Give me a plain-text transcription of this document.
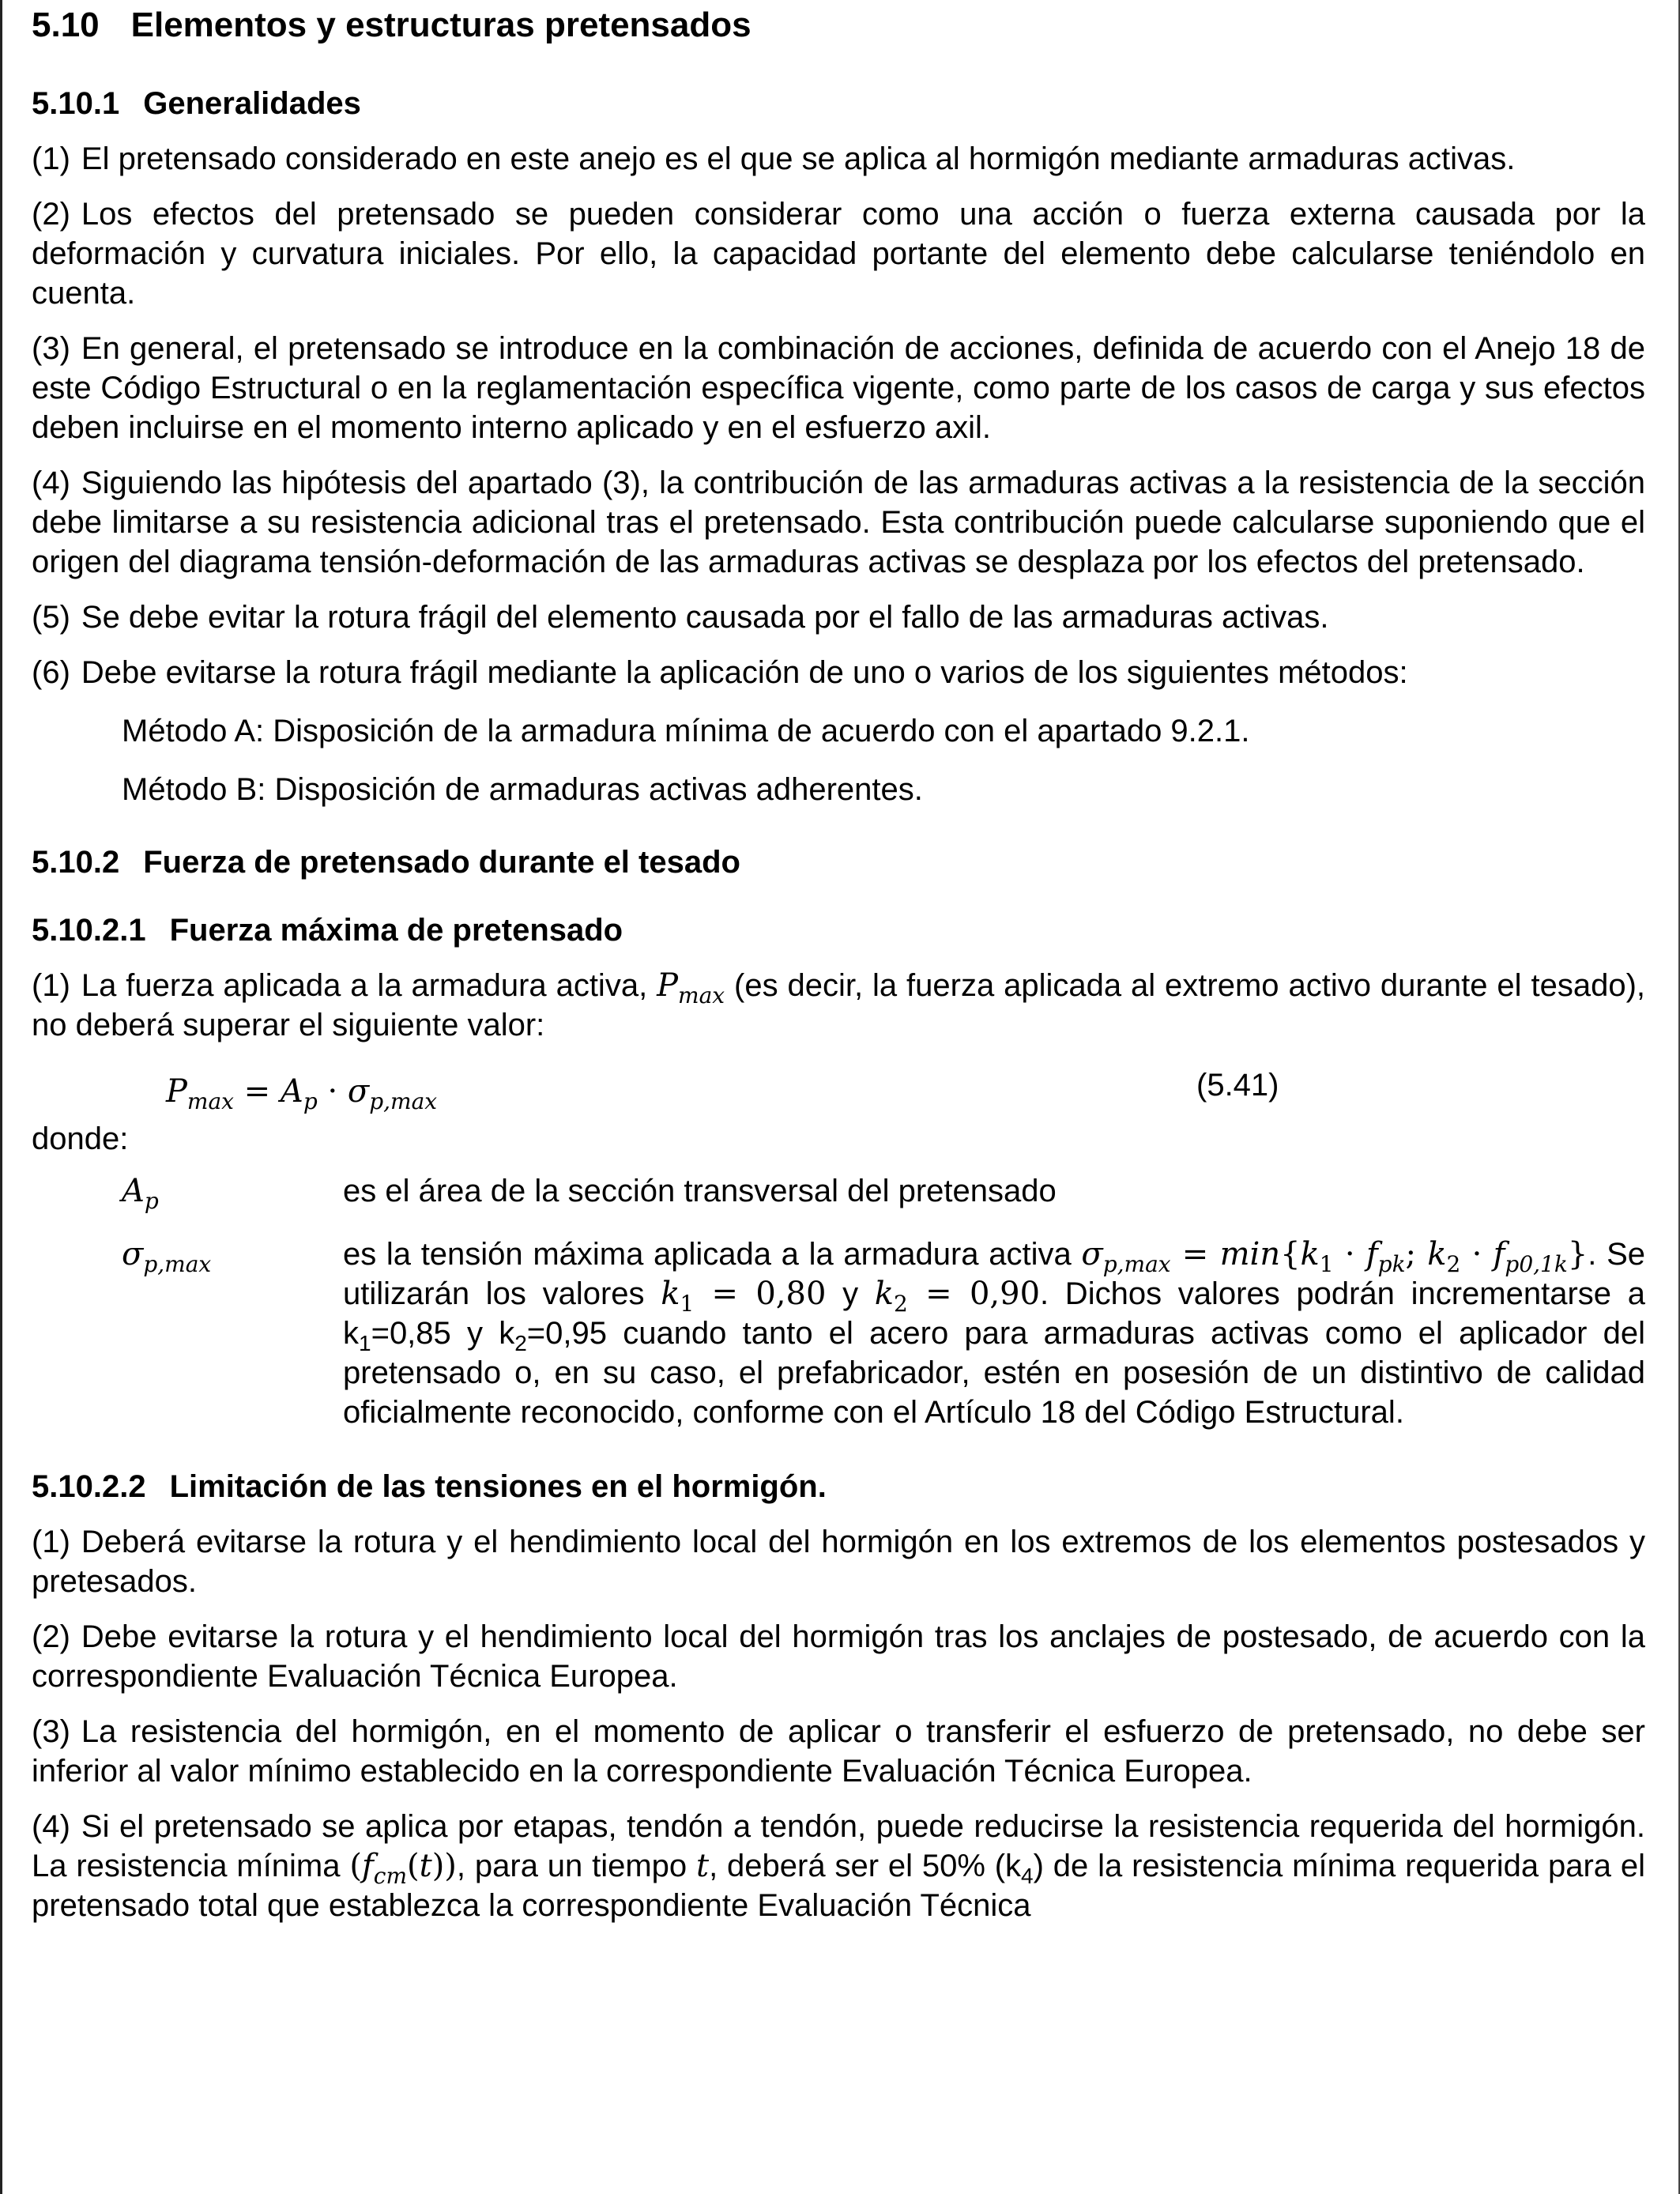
5.10 Elementos y estructuras pretensados
5.10.1 Generalidades

(1) El pretensado considerado en este anejo es el que se aplica al hormigón mediante armaduras activas.

(2) Los efectos del pretensado se pueden considerar como una acción o fuerza externa causada por la deformación y curvatura iniciales. Por ello, la capacidad portante del elemento debe calcularse teniéndolo en cuenta.

(3) En general, el pretensado se introduce en la combinación de acciones, definida de acuerdo con el Anejo 18 de este Código Estructural o en la reglamentación específica vigente, como parte de los casos de carga y sus efectos deben incluirse en el momento interno aplicado y en el esfuerzo axil.

(4) Siguiendo las hipótesis del apartado (3), la contribución de las armaduras activas a la resistencia de la sección debe limitarse a su resistencia adicional tras el pretensado. Esta contribución puede calcularse suponiendo que el origen del diagrama tensión-deformación de las armaduras activas se desplaza por los efectos del pretensado.

(5) Se debe evitar la rotura frágil del elemento causada por el fallo de las armaduras activas.

(6) Debe evitarse la rotura frágil mediante la aplicación de uno o varios de los siguientes métodos:

Método A: Disposición de la armadura mínima de acuerdo con el apartado 9.2.1.

Método B: Disposición de armaduras activas adherentes.

5.10.2 Fuerza de pretensado durante el tesado
5.10.2.1 Fuerza máxima de pretensado

(1) La fuerza aplicada a la armadura activa, $P_{max}$ (es decir, la fuerza aplicada al extremo activo durante el tesado), no deberá superar el siguiente valor:

$P_{max} = A_p \cdot \sigma_{p,max}$	(5.41)

donde:

$A_p$	es el área de la sección transversal del pretensado
$\sigma_{p,max}$	es la tensión máxima aplicada a la armadura activa $\sigma_{p,max} = \min\{k_1 \cdot f_{pk}$; $k_2 \cdot f_{p0,1k}$}. Se utilizarán los valores $k_1 = 0,80$ y $k_2 = 0,90$. Dichos valores podrán incrementarse a $k_1=0,85$ y $k_2=0,95$ cuando tanto el acero para armaduras activas como el aplicador del pretensado o, en su caso, el prefabricador, estén en posesión de un distintivo de calidad oficialmente reconocido, conforme con el Artículo 18 del Código Estructural.
5.10.2.2 Limitación de las tensiones en el hormigón.

(1) Deberá evitarse la rotura y el hendimiento local del hormigón en los extremos de los elementos postesados y pretesados.

(2) Debe evitarse la rotura y el hendimiento local del hormigón tras los anclajes de postesado, de acuerdo con la correspondiente Evaluación Técnica Europea.

(3) La resistencia del hormigón, en el momento de aplicar o transferir el esfuerzo de pretensado, no debe ser inferior al valor mínimo establecido en la correspondiente Evaluación Técnica Europea.

(4) Si el pretensado se aplica por etapas, tendón a tendón, puede reducirse la resistencia requerida del hormigón. La resistencia mínima $(f_{cm}(t))$, para un tiempo t, deberá ser el 50% $(k_4)$ de la resistencia mínima requerida para el pretensado total que establezca la correspondiente Evaluación Técnica
